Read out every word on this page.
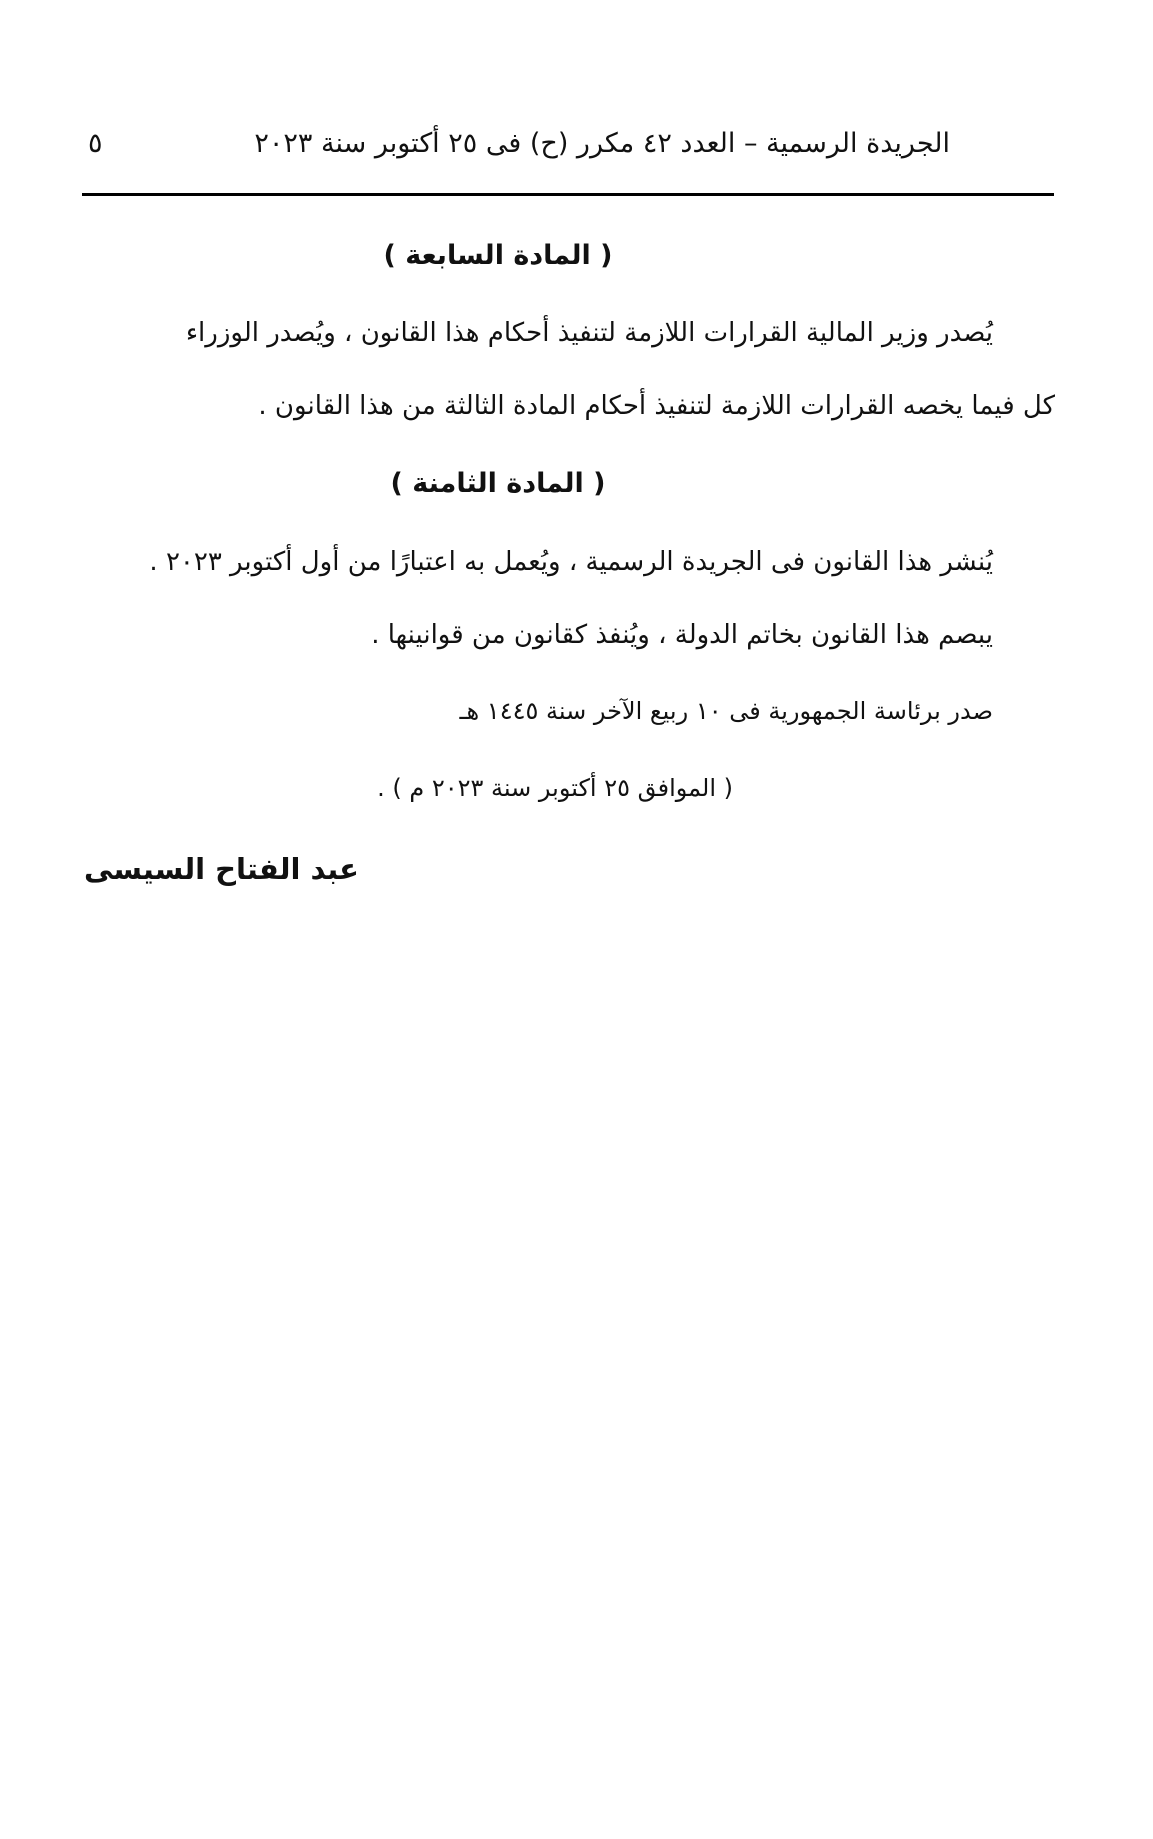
الجريدة الرسمية – العدد ٤٢ مكرر (ح) فى ٢٥ أكتوبر سنة ٢٠٢٣
٥
( المادة السابعة )
يُصدر وزير المالية القرارات اللازمة لتنفيذ أحكام هذا القانون ، ويُصدر الوزراء
كل فيما يخصه القرارات اللازمة لتنفيذ أحكام المادة الثالثة من هذا القانون .
( المادة الثامنة )
يُنشر هذا القانون فى الجريدة الرسمية ، ويُعمل به اعتبارًا من أول أكتوبر ٢٠٢٣ .
يبصم هذا القانون بخاتم الدولة ، ويُنفذ كقانون من قوانينها .
صدر برئاسة الجمهورية فى ١٠ ربيع الآخر سنة ١٤٤٥ هـ
( الموافق ٢٥ أكتوبر سنة ٢٠٢٣ م ) .
عبد الفتاح السيسى
